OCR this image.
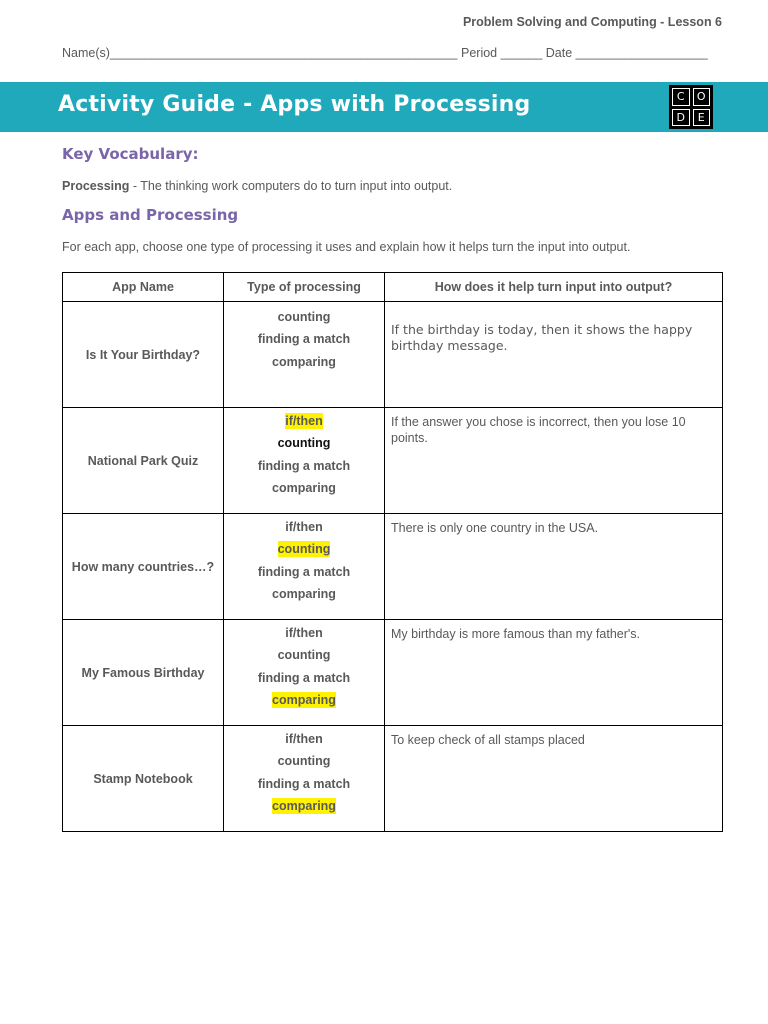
Problem Solving and Computing - Lesson 6
Name(s)__________________________________________________ Period ______ Date ___________________
Activity Guide - Apps with Processing	C	O
D	E
Key Vocabulary:
Processing - The thinking work computers do to turn input into output.
Apps and Processing
For each app, choose one type of processing it uses and explain how it helps turn the input into output.
App Name	Type of processing	How does it help turn input into output?
Is It Your Birthday?	counting
finding a match
comparing	If the birthday is today, then it shows the happy birthday message.
National Park Quiz	if/then
counting
finding a match
comparing	If the answer you chose is incorrect, then you lose 10 points.
How many countries…?	if/then
counting
finding a match
comparing	There is only one country in the USA.
My Famous Birthday	if/then
counting
finding a match
comparing	My birthday is more famous than my father's.
Stamp Notebook	if/then
counting
finding a match
comparing	To keep check of all stamps placed
